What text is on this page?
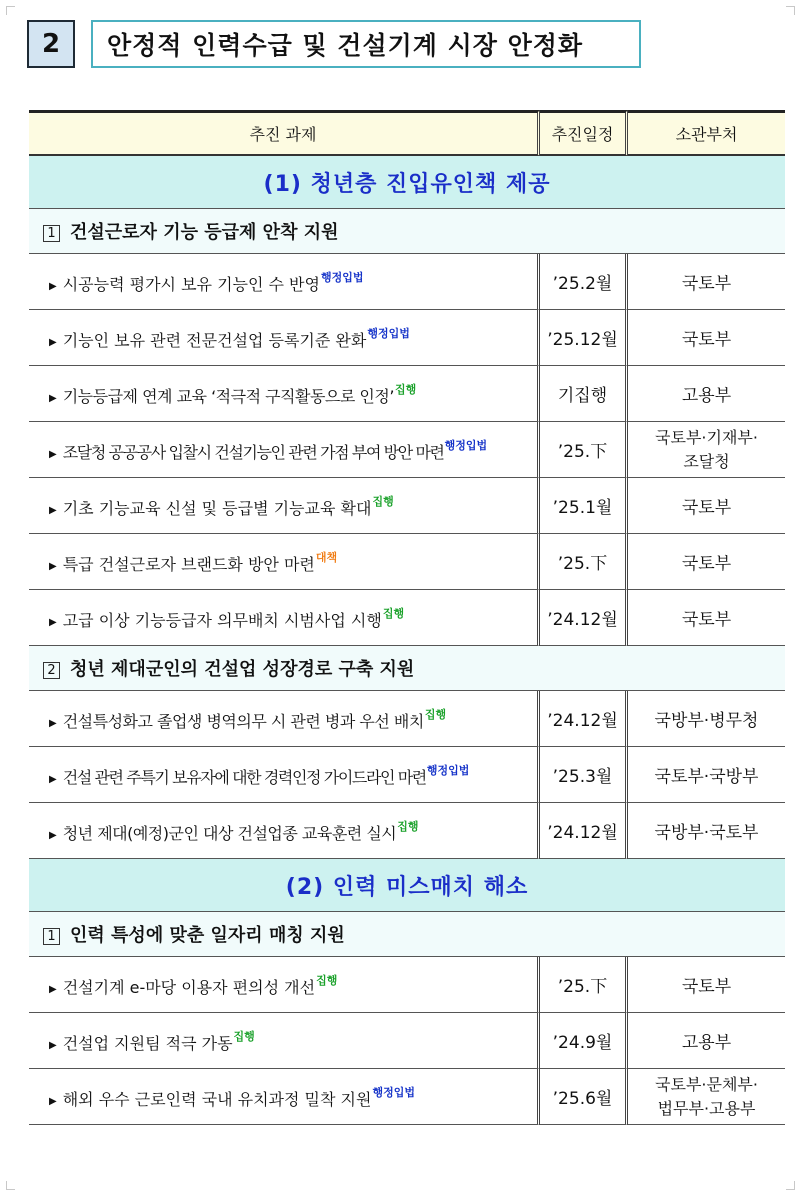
2	안정적 인력수급 및 건설기계 시장 안정화
추진 과제	추진일정	소관부처
(1) 청년층 진입유인책 제공		
1 건설근로자 기능 등급제 안착 지원		
▶ 시공능력 평가시 보유 기능인 수 반영$^{행정입법}$	’25.2월	국토부
▶ 기능인 보유 관련 전문건설업 등록기준 완화$^{행정입법}$	’25.12월	국토부
▶ 기능등급제 연계 교육 ‘적극적 구직활동으로 인정’$^{집행}$	기집행	고용부
▶ 조달청 공공공사 입찰시 건설기능인 관련 가점 부여 방안 마련$^{행정입법}$	’25.下	국토부·기재부·
조달청
▶ 기초 기능교육 신설 및 등급별 기능교육 확대$^{집행}$	’25.1월	국토부
▶ 특급 건설근로자 브랜드화 방안 마련$^{대책}$	’25.下	국토부
▶ 고급 이상 기능등급자 의무배치 시범사업 시행$^{집행}$	’24.12월	국토부
2 청년 제대군인의 건설업 성장경로 구축 지원		
▶ 건설특성화고 졸업생 병역의무 시 관련 병과 우선 배치$^{집행}$	’24.12월	국방부·병무청
▶ 건설 관련 주특기 보유자에 대한 경력인정 가이드라인 마련$^{행정입법}$	’25.3월	국토부·국방부
▶ 청년 제대(예정)군인 대상 건설업종 교육훈련 실시$^{집행}$	’24.12월	국방부·국토부
(2) 인력 미스매치 해소		
1 인력 특성에 맞춘 일자리 매칭 지원		
▶ 건설기계 e-마당 이용자 편의성 개선$^{집행}$	’25.下	국토부
▶ 건설업 지원팀 적극 가동$^{집행}$	’24.9월	고용부
▶ 해외 우수 근로인력 국내 유치과정 밀착 지원$^{행정입법}$	’25.6월	국토부·문체부·
법무부·고용부
